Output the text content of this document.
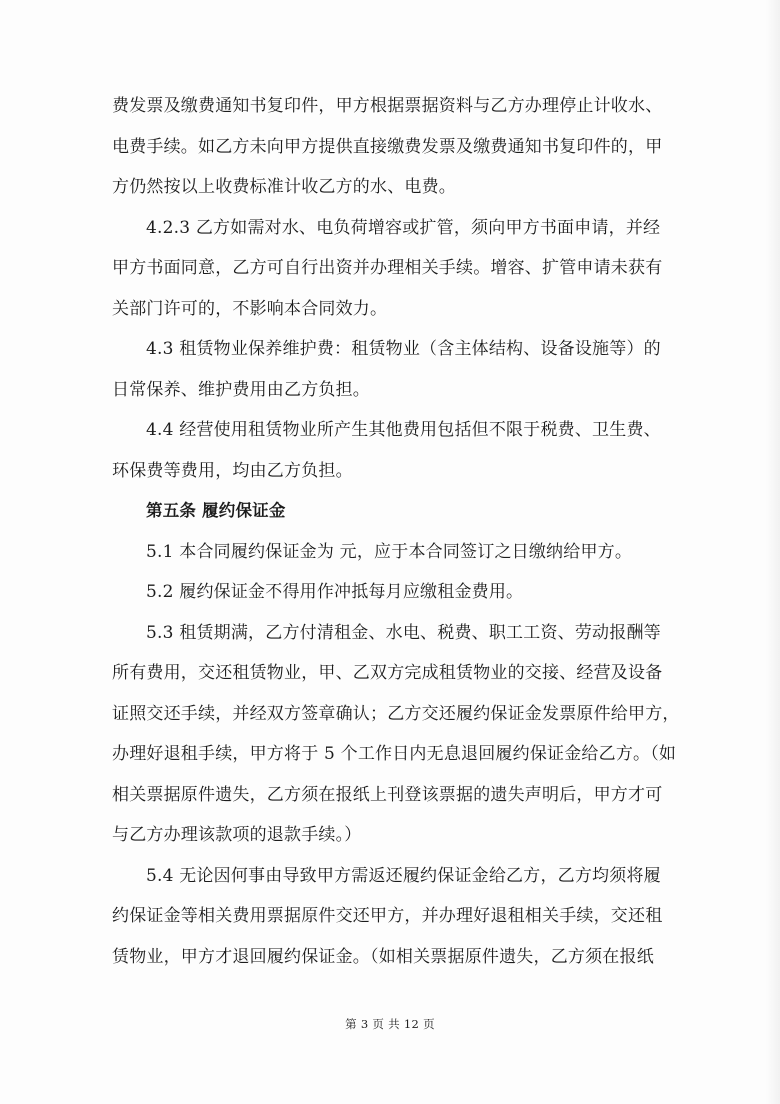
费发票及缴费通知书复印件，甲方根据票据资料与乙方办理停止计收水、
电费手续。如乙方未向甲方提供直接缴费发票及缴费通知书复印件的，甲
方仍然按以上收费标准计收乙方的水、电费。
4.2.3 乙方如需对水、电负荷增容或扩管，须向甲方书面申请，并经
甲方书面同意，乙方可自行出资并办理相关手续。增容、扩管申请未获有
关部门许可的，不影响本合同效力。
4.3 租赁物业保养维护费：租赁物业（含主体结构、设备设施等）的
日常保养、维护费用由乙方负担。
4.4 经营使用租赁物业所产生其他费用包括但不限于税费、卫生费、
环保费等费用，均由乙方负担。
第五条 履约保证金
5.1 本合同履约保证金为 元，应于本合同签订之日缴纳给甲方。
5.2 履约保证金不得用作冲抵每月应缴租金费用。
5.3 租赁期满，乙方付清租金、水电、税费、职工工资、劳动报酬等
所有费用，交还租赁物业，甲、乙双方完成租赁物业的交接、经营及设备
证照交还手续，并经双方签章确认；乙方交还履约保证金发票原件给甲方，
办理好退租手续，甲方将于 5 个工作日内无息退回履约保证金给乙方。（如
相关票据原件遗失，乙方须在报纸上刊登该票据的遗失声明后，甲方才可
与乙方办理该款项的退款手续。）
5.4 无论因何事由导致甲方需返还履约保证金给乙方，乙方均须将履
约保证金等相关费用票据原件交还甲方，并办理好退租相关手续，交还租
赁物业，甲方才退回履约保证金。（如相关票据原件遗失，乙方须在报纸
第 3 页 共 12 页
